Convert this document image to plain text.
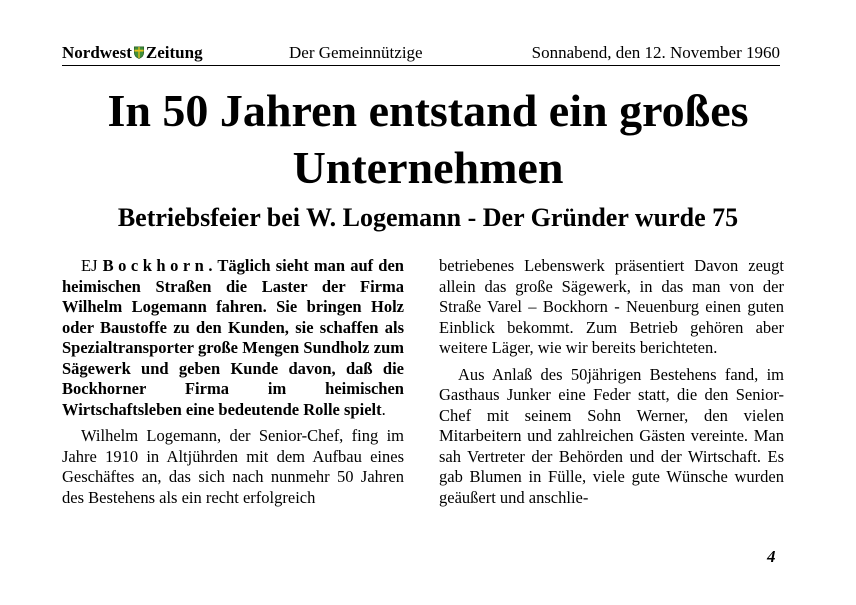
Nordwest Zeitung	Der Gemeinnützige	Sonnabend, den 12. November 1960
In 50 Jahren entstand ein großes Unternehmen
Betriebsfeier bei W. Logemann - Der Gründer wurde 75

EJ Bockhorn. Täglich sieht man auf den heimischen Straßen die Laster der Firma Wilhelm Logemann fahren. Sie bringen Holz oder Baustoffe zu den Kunden, sie schaffen als Spezialtransporter große Mengen Sundholz zum Sägewerk und geben Kunde davon, daß die Bockhorner Firma im heimischen Wirtschaftsleben eine bedeutende Rolle spielt.

Wilhelm Logemann, der Senior-Chef, fing im Jahre 1910 in Altjührden mit dem Aufbau eines Geschäftes an, das sich nach nunmehr 50 Jahren des Bestehens als ein recht erfolgreich

betriebenes Lebenswerk präsentiert Davon zeugt allein das große Sägewerk, in das man von der Straße Varel – Bockhorn - Neuenburg einen guten Einblick bekommt. Zum Betrieb gehören aber weitere Läger, wie wir bereits berichteten.

Aus Anlaß des 50jährigen Bestehens fand, im Gasthaus Junker eine Feder statt, die den Senior-Chef mit seinem Sohn Werner, den vielen Mitarbeitern und zahlreichen Gästen vereinte. Man sah Vertreter der Behörden und der Wirtschaft. Es gab Blumen in Fülle, viele gute Wünsche wurden geäußert und anschlie-

4
